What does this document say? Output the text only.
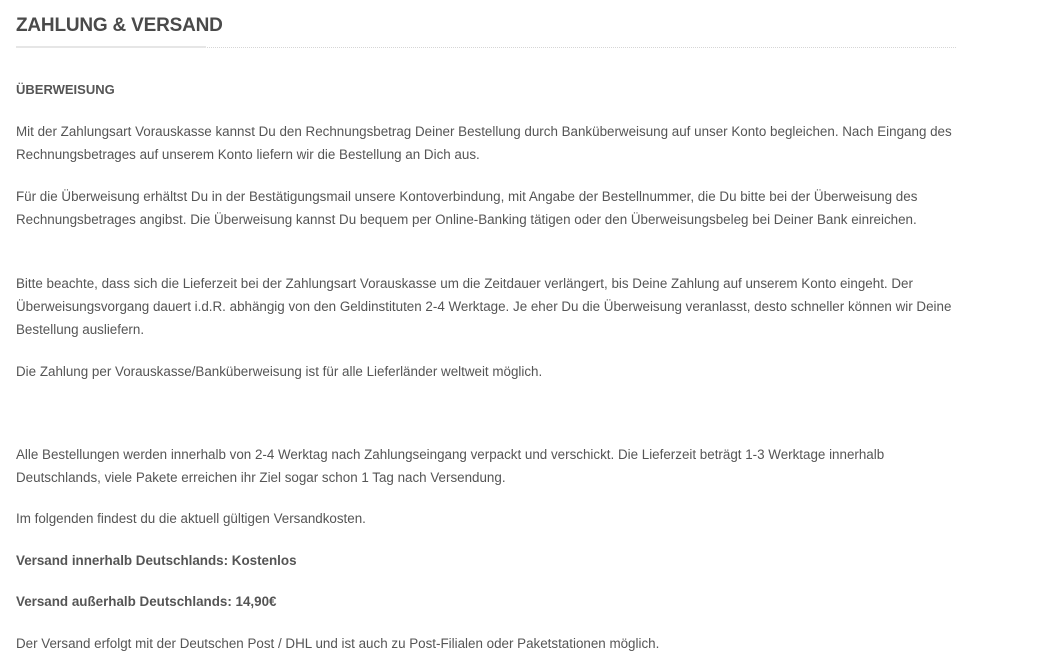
ZAHLUNG & VERSAND
ÜBERWEISUNG

Mit der Zahlungsart Vorauskasse kannst Du den Rechnungsbetrag Deiner Bestellung durch Banküberweisung auf unser Konto begleichen. Nach Eingang des Rechnungsbetrages auf unserem Konto liefern wir die Bestellung an Dich aus.

Für die Überweisung erhältst Du in der Bestätigungsmail unsere Kontoverbindung, mit Angabe der Bestellnummer, die Du bitte bei der Überweisung des Rechnungsbetrages angibst. Die Überweisung kannst Du bequem per Online-Banking tätigen oder den Überweisungsbeleg bei Deiner Bank einreichen.

Bitte beachte, dass sich die Lieferzeit bei der Zahlungsart Vorauskasse um die Zeitdauer verlängert, bis Deine Zahlung auf unserem Konto eingeht. Der Überweisungsvorgang dauert i.d.R. abhängig von den Geldinstituten 2-4 Werktage. Je eher Du die Überweisung veranlasst, desto schneller können wir Deine Bestellung ausliefern.

Die Zahlung per Vorauskasse/Banküberweisung ist für alle Lieferländer weltweit möglich.

Alle Bestellungen werden innerhalb von 2-4 Werktag nach Zahlungseingang verpackt und verschickt. Die Lieferzeit beträgt 1-3 Werktage innerhalb Deutschlands, viele Pakete erreichen ihr Ziel sogar schon 1 Tag nach Versendung.

Im folgenden findest du die aktuell gültigen Versandkosten.

Versand innerhalb Deutschlands: Kostenlos

Versand außerhalb Deutschlands: 14,90€

Der Versand erfolgt mit der Deutschen Post / DHL und ist auch zu Post-Filialen oder Paketstationen möglich.
